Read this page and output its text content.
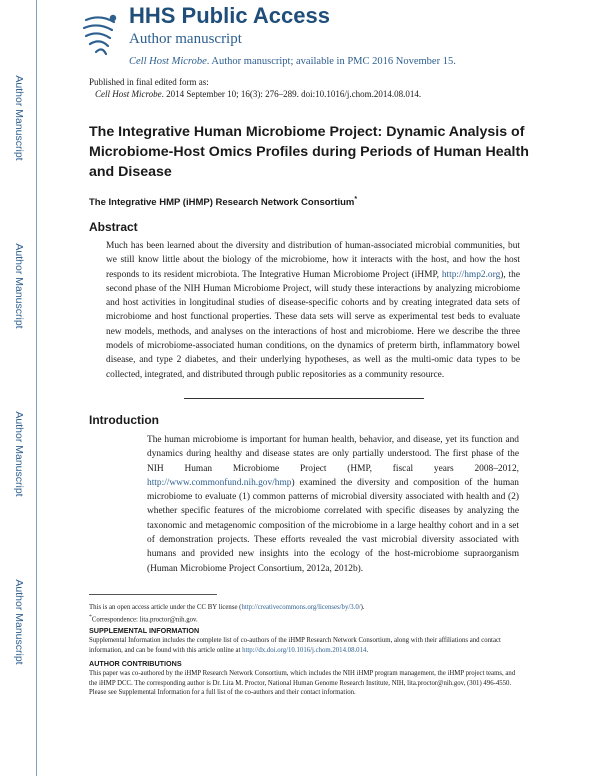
Author Manuscript
Author Manuscript
Author Manuscript
Author Manuscript
HHS Public Access
Author manuscript
Cell Host Microbe. Author manuscript; available in PMC 2016 November 15.
Published in final edited form as:
Cell Host Microbe. 2014 September 10; 16(3): 276–289. doi:10.1016/j.chom.2014.08.014.
The Integrative Human Microbiome Project: Dynamic Analysis of Microbiome-Host Omics Profiles during Periods of Human Health and Disease
The Integrative HMP (iHMP) Research Network Consortium*
Abstract
Much has been learned about the diversity and distribution of human-associated microbial communities, but we still know little about the biology of the microbiome, how it interacts with the host, and how the host responds to its resident microbiota. The Integrative Human Microbiome Project (iHMP, http://hmp2.org), the second phase of the NIH Human Microbiome Project, will study these interactions by analyzing microbiome and host activities in longitudinal studies of disease-specific cohorts and by creating integrated data sets of microbiome and host functional properties. These data sets will serve as experimental test beds to evaluate new models, methods, and analyses on the interactions of host and microbiome. Here we describe the three models of microbiome-associated human conditions, on the dynamics of preterm birth, inflammatory bowel disease, and type 2 diabetes, and their underlying hypotheses, as well as the multi-omic data types to be collected, integrated, and distributed through public repositories as a community resource.
Introduction
The human microbiome is important for human health, behavior, and disease, yet its function and dynamics during healthy and disease states are only partially understood. The first phase of the NIH Human Microbiome Project (HMP, fiscal years 2008–2012, http://www.commonfund.nih.gov/hmp) examined the diversity and composition of the human microbiome to evaluate (1) common patterns of microbial diversity associated with health and (2) whether specific features of the microbiome correlated with specific diseases by analyzing the taxonomic and metagenomic composition of the microbiome in a large healthy cohort and in a set of demonstration projects. These efforts revealed the vast microbial diversity associated with humans and provided new insights into the ecology of the host-microbiome supraorganism (Human Microbiome Project Consortium, 2012a, 2012b).
This is an open access article under the CC BY license (http://creativecommons.org/licenses/by/3.0/).
*Correspondence: lita.proctor@nih.gov.
SUPPLEMENTAL INFORMATION
Supplemental Information includes the complete list of co-authors of the iHMP Research Network Consortium, along with their affiliations and contact information, and can be found with this article online at http://dx.doi.org/10.1016/j.chom.2014.08.014.
AUTHOR CONTRIBUTIONS
This paper was co-authored by the iHMP Research Network Consortium, which includes the NIH iHMP program management, the iHMP project teams, and the iHMP DCC. The corresponding author is Dr. Lita M. Proctor, National Human Genome Research Institute, NIH, lita.proctor@nih.gov, (301) 496-4550. Please see Supplemental Information for a full list of the co-authors and their contact information.
